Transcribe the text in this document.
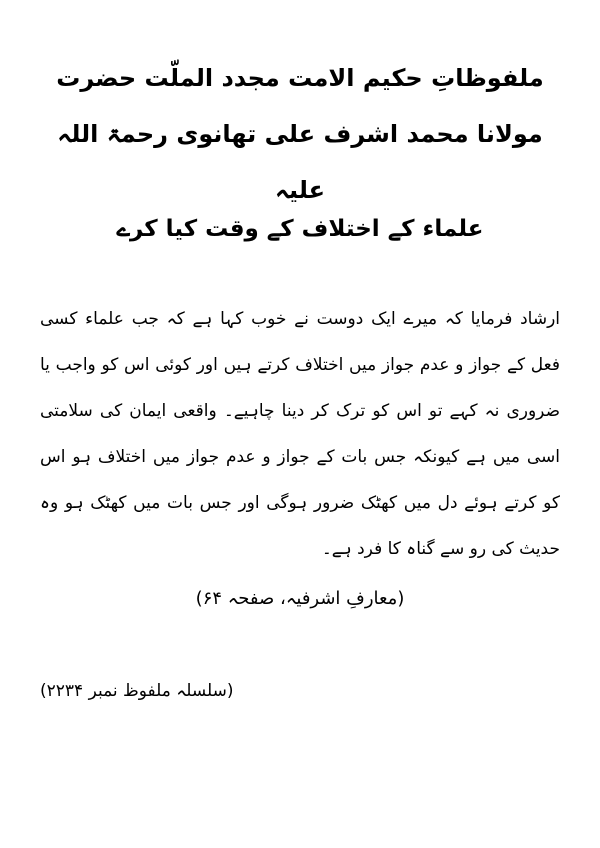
ملفوظاتِ حکیم الامت مجدد الملّت حضرت مولانا محمد اشرف علی تھانوی رحمۃ اللہ علیہ
علماء کے اختلاف کے وقت کیا کرے
ارشاد فرمایا کہ میرے ایک دوست نے خوب کہا ہے کہ جب علماء کسی فعل کے جواز و عدم جواز میں اختلاف کرتے ہیں اور کوئی اس کو واجب یا ضروری نہ کہے تو اس کو ترک کر دینا چاہیے۔ واقعی ایمان کی سلامتی اسی میں ہے کیونکہ جس بات کے جواز و عدم جواز میں اختلاف ہو اس کو کرتے ہوئے دل میں کھٹک ضرور ہوگی اور جس بات میں کھٹک ہو وہ حدیث کی رو سے گناہ کا فرد ہے۔
(معارفِ اشرفیہ، صفحہ ۶۴)
(سلسلہ ملفوظ نمبر ۲۲۳۴)
